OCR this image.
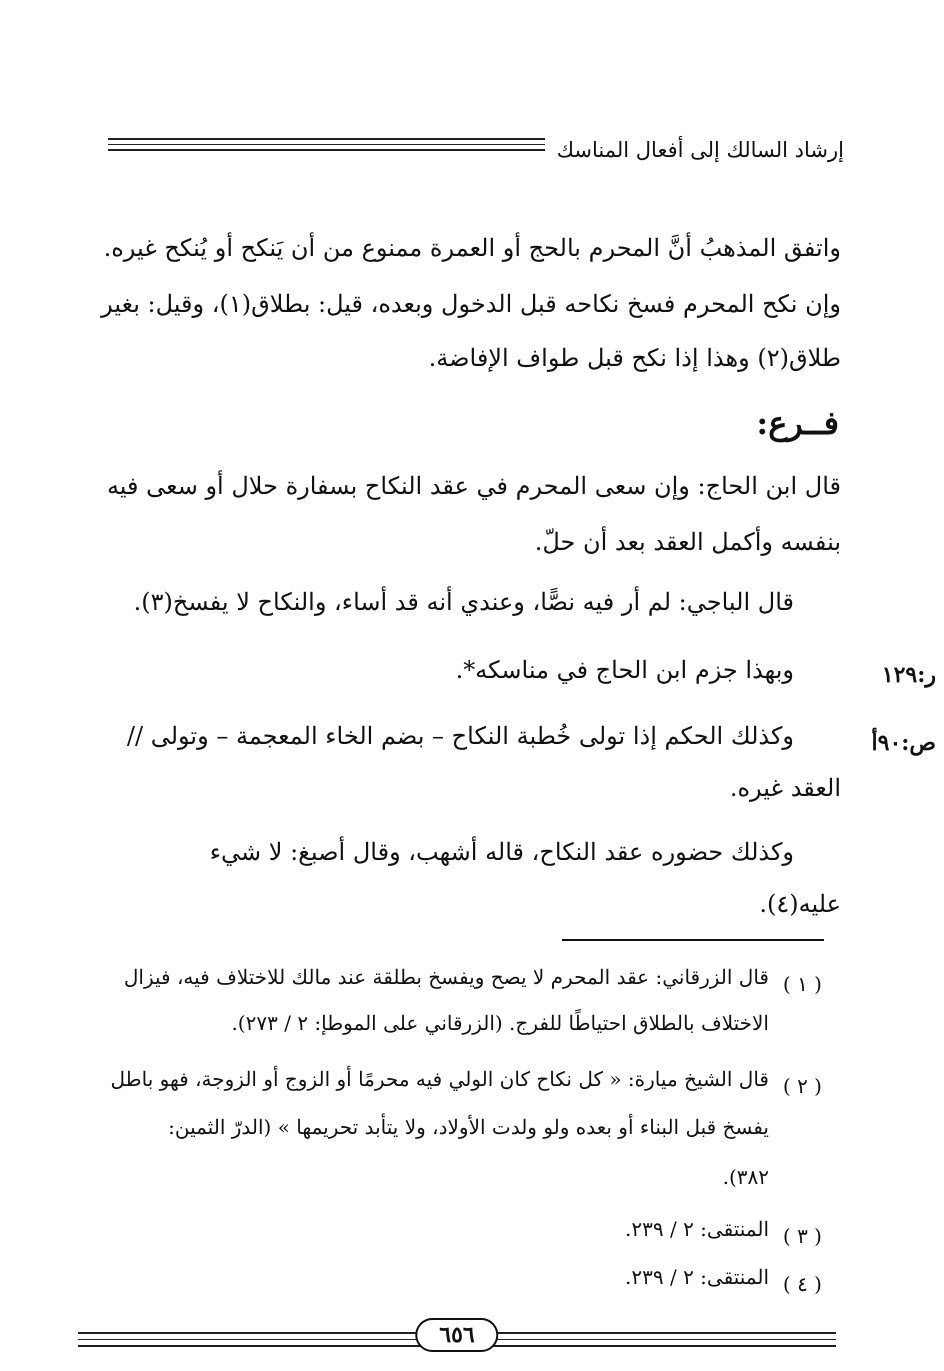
إرشاد السالك إلى أفعال المناسك
واتفق المذهبُ أنَّ المحرم بالحج أو العمرة ممنوع من أن يَنكح أو يُنكح غيره.
وإن نكح المحرم فسخ نكاحه قبل الدخول وبعده، قيل: بطلاق(١)، وقيل: بغير
طلاق(٢) وهذا إذا نكح قبل طواف الإفاضة.
فــرع:
قال ابن الحاج: وإن سعى المحرم في عقد النكاح بسفارة حلال أو سعى فيه
بنفسه وأكمل العقد بعد أن حلّ.
قال الباجي: لم أر فيه نصًّا، وعندي أنه قد أساء، والنكاح لا يفسخ(٣).
وبهذا جزم ابن الحاج في مناسكه*.	ر:١٢٩
وكذلك الحكم إذا تولى خُطبة النكاح – بضم الخاء المعجمة – وتولى //	ص:٩٠أ
العقد غيره.
وكذلك حضوره عقد النكاح، قاله أشهب، وقال أصبغ: لا شيء
عليه(٤).
( ١ )
قال الزرقاني: عقد المحرم لا يصح ويفسخ بطلقة عند مالك للاختلاف فيه، فيزال
الاختلاف بالطلاق احتياطًا للفرج. (الزرقاني على الموطإ: ٢ / ٢٧٣).
( ٢ )
قال الشيخ ميارة: « كل نكاح كان الولي فيه محرمًا أو الزوج أو الزوجة، فهو باطل
يفسخ قبل البناء أو بعده ولو ولدت الأولاد، ولا يتأبد تحريمها » (الدرّ الثمين:
٣٨٢).
( ٣ )
المنتقى: ٢ / ٢٣٩.
( ٤ )
المنتقى: ٢ / ٢٣٩.
٦٥٦
